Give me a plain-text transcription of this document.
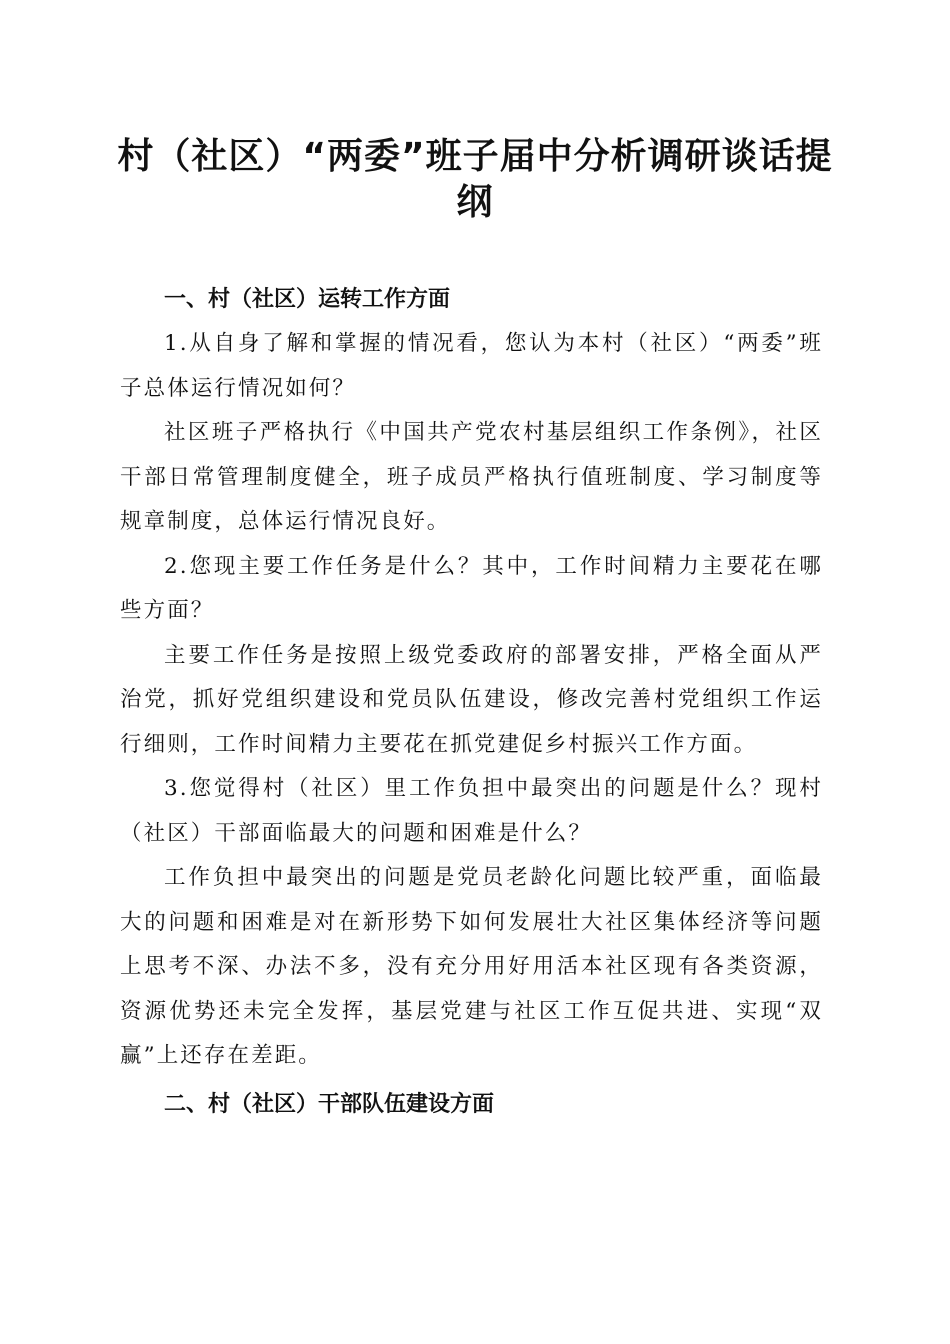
村（社区）“两委”班子届中分析调研谈话提纲

一、村（社区）运转工作方面

1.从自身了解和掌握的情况看，您认为本村（社区）“两委”班子总体运行情况如何？

社区班子严格执行《中国共产党农村基层组织工作条例》，社区干部日常管理制度健全，班子成员严格执行值班制度、学习制度等规章制度，总体运行情况良好。

2.您现主要工作任务是什么？其中，工作时间精力主要花在哪些方面？

主要工作任务是按照上级党委政府的部署安排，严格全面从严治党，抓好党组织建设和党员队伍建设，修改完善村党组织工作运行细则，工作时间精力主要花在抓党建促乡村振兴工作方面。

3.您觉得村（社区）里工作负担中最突出的问题是什么？现村（社区）干部面临最大的问题和困难是什么？

工作负担中最突出的问题是党员老龄化问题比较严重，面临最大的问题和困难是对在新形势下如何发展壮大社区集体经济等问题上思考不深、办法不多，没有充分用好用活本社区现有各类资源，资源优势还未完全发挥，基层党建与社区工作互促共进、实现“双赢”上还存在差距。

二、村（社区）干部队伍建设方面
